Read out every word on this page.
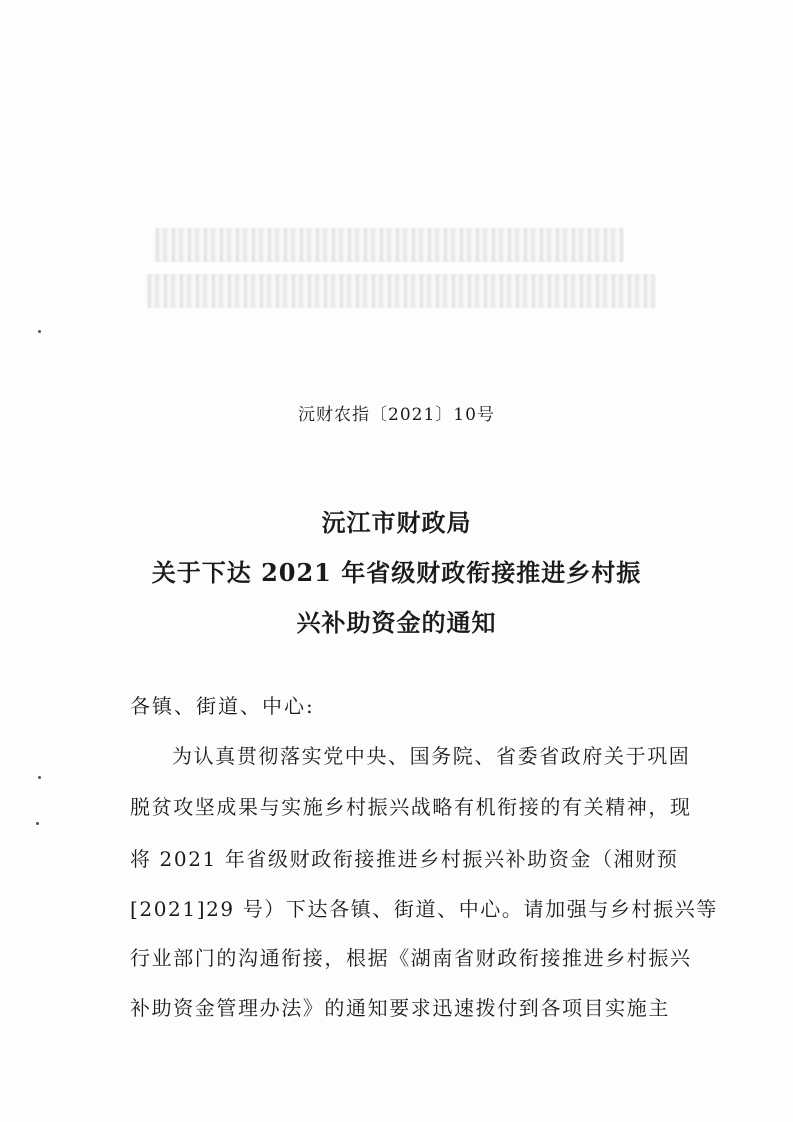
沅财农指〔2021〕10号
沅江市财政局
关于下达 2021 年省级财政衔接推进乡村振
兴补助资金的通知
各镇、街道、中心:
为认真贯彻落实党中央、国务院、省委省政府关于巩固
脱贫攻坚成果与实施乡村振兴战略有机衔接的有关精神，现
将 2021 年省级财政衔接推进乡村振兴补助资金（湘财预
[2021]29 号）下达各镇、街道、中心。请加强与乡村振兴等
行业部门的沟通衔接，根据《湖南省财政衔接推进乡村振兴
补助资金管理办法》的通知要求迅速拨付到各项目实施主
